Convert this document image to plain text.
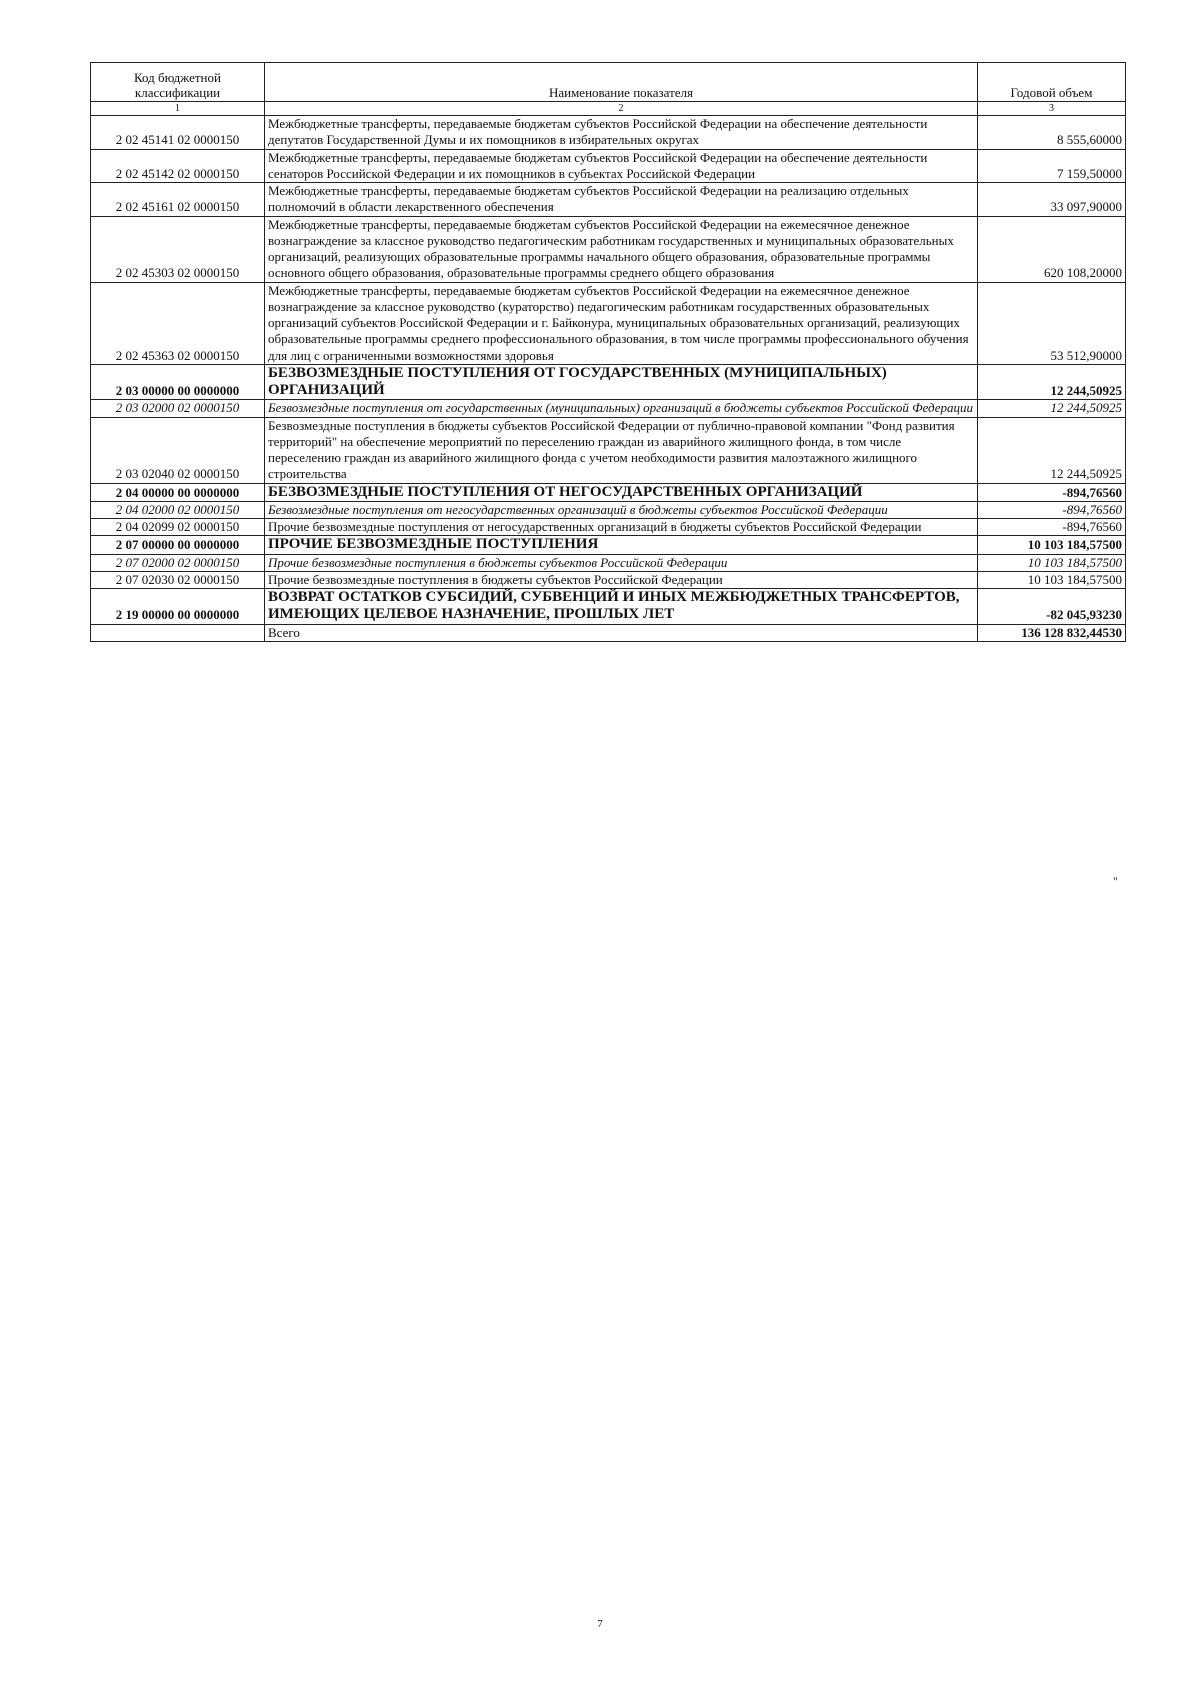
Код бюджетной классификации	Наименование показателя	Годовой объем
1	2	3
2 02 45141 02 0000150	Межбюджетные трансферты, передаваемые бюджетам субъектов Российской Федерации на обеспечение деятельности депутатов Государственной Думы и их помощников в избирательных округах	8 555,60000
2 02 45142 02 0000150	Межбюджетные трансферты, передаваемые бюджетам субъектов Российской Федерации на обеспечение деятельности сенаторов Российской Федерации и их помощников в субъектах Российской Федерации	7 159,50000
2 02 45161 02 0000150	Межбюджетные трансферты, передаваемые бюджетам субъектов Российской Федерации на реализацию отдельных полномочий в области лекарственного обеспечения	33 097,90000
2 02 45303 02 0000150	Межбюджетные трансферты, передаваемые бюджетам субъектов Российской Федерации на ежемесячное денежное вознаграждение за классное руководство педагогическим работникам государственных и муниципальных образовательных организаций, реализующих образовательные программы начального общего образования, образовательные программы основного общего образования, образовательные программы среднего общего образования	620 108,20000
2 02 45363 02 0000150	Межбюджетные трансферты, передаваемые бюджетам субъектов Российской Федерации на ежемесячное денежное вознаграждение за классное руководство (кураторство) педагогическим работникам государственных образовательных организаций субъектов Российской Федерации и г. Байконура, муниципальных образовательных организаций, реализующих образовательные программы среднего профессионального образования, в том числе программы профессионального обучения для лиц с ограниченными возможностями здоровья	53 512,90000
2 03 00000 00 0000000	БЕЗВОЗМЕЗДНЫЕ ПОСТУПЛЕНИЯ ОТ ГОСУДАРСТВЕННЫХ (МУНИЦИПАЛЬНЫХ) ОРГАНИЗАЦИЙ	12 244,50925
2 03 02000 02 0000150	Безвозмездные поступления от государственных (муниципальных) организаций в бюджеты субъектов Российской Федерации	12 244,50925
2 03 02040 02 0000150	Безвозмездные поступления в бюджеты субъектов Российской Федерации от публично-правовой компании "Фонд развития территорий" на обеспечение мероприятий по переселению граждан из аварийного жилищного фонда, в том числе переселению граждан из аварийного жилищного фонда с учетом необходимости развития малоэтажного жилищного строительства	12 244,50925
2 04 00000 00 0000000	БЕЗВОЗМЕЗДНЫЕ ПОСТУПЛЕНИЯ ОТ НЕГОСУДАРСТВЕННЫХ ОРГАНИЗАЦИЙ	-894,76560
2 04 02000 02 0000150	Безвозмездные поступления от негосударственных организаций в бюджеты субъектов Российской Федерации	-894,76560
2 04 02099 02 0000150	Прочие безвозмездные поступления от негосударственных организаций в бюджеты субъектов Российской Федерации	-894,76560
2 07 00000 00 0000000	ПРОЧИЕ БЕЗВОЗМЕЗДНЫЕ ПОСТУПЛЕНИЯ	10 103 184,57500
2 07 02000 02 0000150	Прочие безвозмездные поступления в бюджеты субъектов Российской Федерации	10 103 184,57500
2 07 02030 02 0000150	Прочие безвозмездные поступления в бюджеты субъектов Российской Федерации	10 103 184,57500
2 19 00000 00 0000000	ВОЗВРАТ ОСТАТКОВ СУБСИДИЙ, СУБВЕНЦИЙ И ИНЫХ МЕЖБЮДЖЕТНЫХ ТРАНСФЕРТОВ, ИМЕЮЩИХ ЦЕЛЕВОЕ НАЗНАЧЕНИЕ, ПРОШЛЫХ ЛЕТ	-82 045,93230
	Всего	136 128 832,44530
"
7
